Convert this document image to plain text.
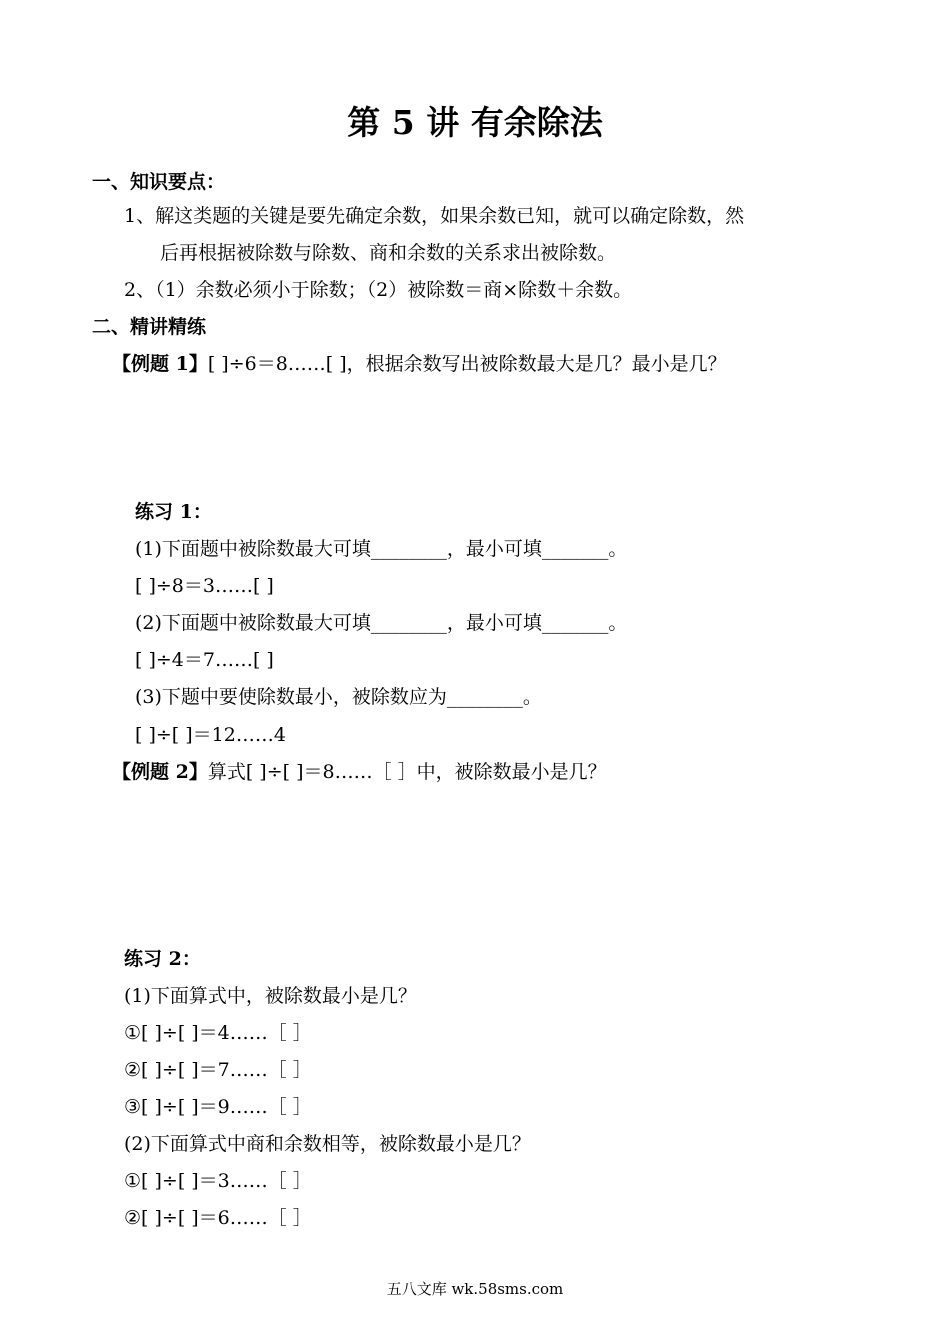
第 5 讲 有余除法
一、知识要点：
1、解这类题的关键是要先确定余数，如果余数已知，就可以确定除数，然
后再根据被除数与除数、商和余数的关系求出被除数。
2、（1）余数必须小于除数；（2）被除数＝商×除数＋余数。
二、精讲精练
【例题 1】[ ]÷6＝8……[ ]，根据余数写出被除数最大是几？最小是几？
练习 1：
(1)下面题中被除数最大可填________，最小可填_______。
[ ]÷8＝3……[ ]
(2)下面题中被除数最大可填________，最小可填_______。
[ ]÷4＝7……[ ]
(3)下题中要使除数最小，被除数应为________。
[ ]÷[ ]＝12……4
【例题 2】算式[ ]÷[ ]＝8……［ ］中，被除数最小是几？
练习 2：
(1)下面算式中，被除数最小是几？
①[ ]÷[ ]＝4……［ ］
②[ ]÷[ ]＝7……［ ］
③[ ]÷[ ]＝9……［ ］
(2)下面算式中商和余数相等，被除数最小是几？
①[ ]÷[ ]＝3……［ ］
②[ ]÷[ ]＝6……［ ］
五八文库 wk.58sms.com
